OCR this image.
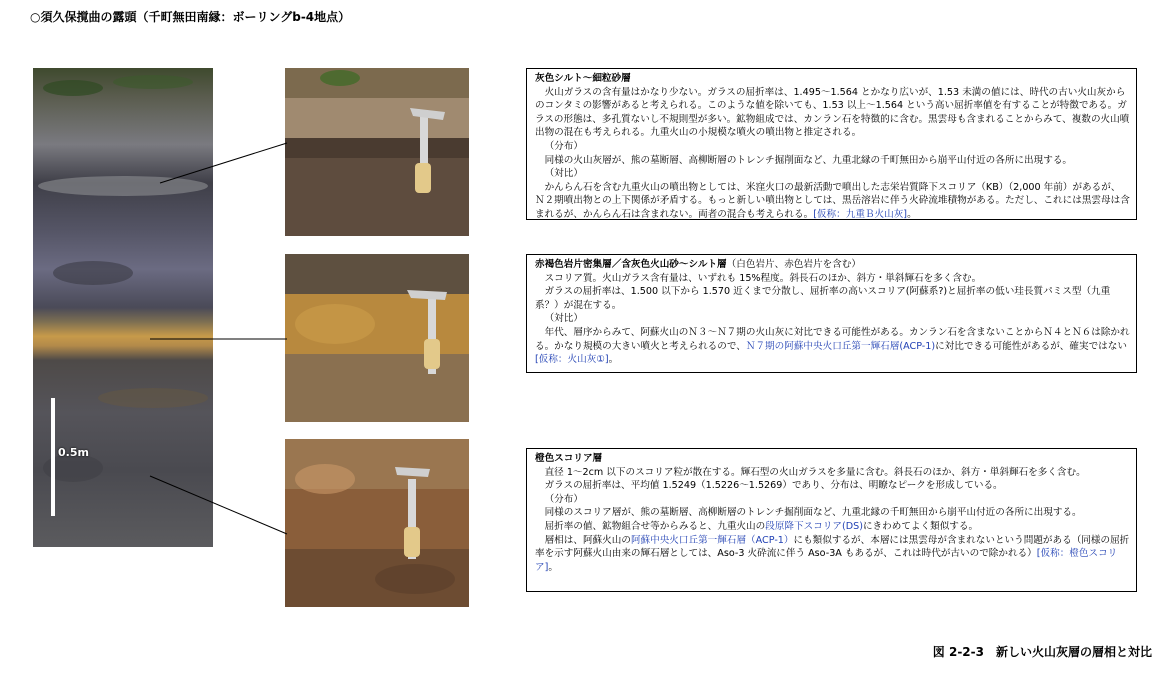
○須久保撹曲の露頭（千町無田南縁：ボーリングb-4地点）
0.5m

灰色シルト〜細粒砂層

火山ガラスの含有量はかなり少ない。ガラスの屈折率は、1.495〜1.564 とかなり広いが、1.53 未満の値には、時代の古い火山灰からのコンタミの影響があると考えられる。このような値を除いても、1.53 以上〜1.564 という高い屈折率値を有することが特徴である。ガラスの形態は、多孔質ないし不規則型が多い。鉱物組成では、カンラン石を特徴的に含む。黒雲母も含まれることからみて、複数の火山噴出物の混在も考えられる。九重火山の小規模な噴火の噴出物と推定される。

（分布）

同様の火山灰層が、熊の墓断層、高柳断層のトレンチ掘削面など、九重北縁の千町無田から崩平山付近の各所に出現する。

（対比）

かんらん石を含む九重火山の噴出物としては、米窪火口の最新活動で噴出した志栄岩質降下スコリア（KB）（2,000 年前）があるが、Ｎ２期噴出物との上下関係が矛盾する。もっと新しい噴出物としては、黒岳溶岩に伴う火砕流堆積物がある。ただし、これには黒雲母は含まれるが、かんらん石は含まれない。両者の混合も考えられる。[仮称：九重Ｂ火山灰]。

赤褐色岩片密集層／含灰色火山砂〜シルト層（白色岩片、赤色岩片を含む）

スコリア質。火山ガラス含有量は、いずれも 15%程度。斜長石のほか、斜方・単斜輝石を多く含む。

ガラスの屈折率は、1.500 以下から 1.570 近くまで分散し、屈折率の高いスコリア(阿蘇系?)と屈折率の低い珪長質パミス型（九重系？）が混在する。

（対比）

年代、層序からみて、阿蘇火山のＮ３〜Ｎ７期の火山灰に対比できる可能性がある。カンラン石を含まないことからＮ４とＮ６は除かれる。かなり規模の大きい噴火と考えられるので、Ｎ７期の阿蘇中央火口丘第一輝石層(ACP-1)に対比できる可能性があるが、確実ではない[仮称：火山灰①]。

橙色スコリア層

直径 1〜2cm 以下のスコリア粒が散在する。輝石型の火山ガラスを多量に含む。斜長石のほか、斜方・単斜輝石を多く含む。

ガラスの屈折率は、平均値 1.5249（1.5226〜1.5269）であり、分布は、明瞭なピークを形成している。

（分布）

同様のスコリア層が、熊の墓断層、高柳断層のトレンチ掘削面など、九重北縁の千町無田から崩平山付近の各所に出現する。

屈折率の値、鉱物組合せ等からみると、九重火山の段原降下スコリア(DS)にきわめてよく類似する。

層相は、阿蘇火山の阿蘇中央火口丘第一輝石層（ACP-1）にも類似するが、本層には黒雲母が含まれないという問題がある（同様の屈折率を示す阿蘇火山由来の輝石層としては、Aso-3 火砕流に伴う Aso-3A もあるが、これは時代が古いので除かれる）[仮称：橙色スコリア]。

図 2-2-3　新しい火山灰層の層相と対比
